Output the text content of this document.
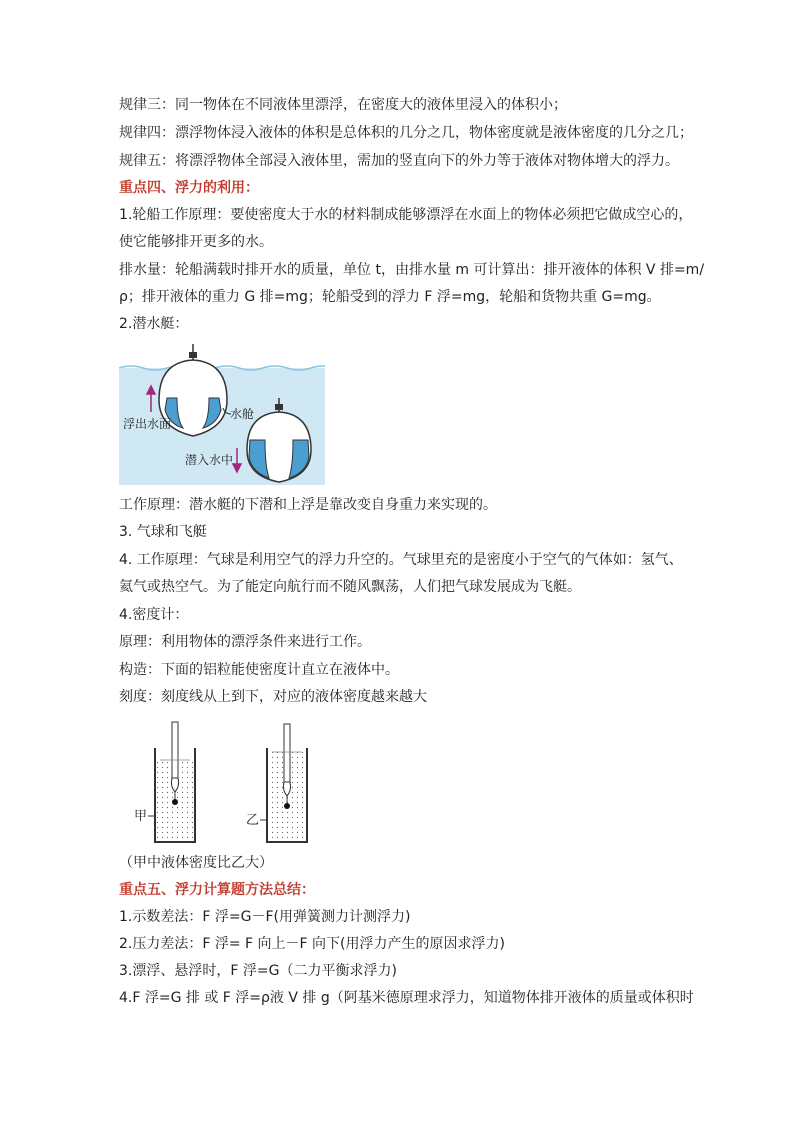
规律三：同一物体在不同液体里漂浮，在密度大的液体里浸入的体积小；
规律四：漂浮物体浸入液体的体积是总体积的几分之几，物体密度就是液体密度的几分之几；
规律五：将漂浮物体全部浸入液体里，需加的竖直向下的外力等于液体对物体增大的浮力。
重点四、浮力的利用：
1.轮船工作原理：要使密度大于水的材料制成能够漂浮在水面上的物体必须把它做成空心的，
使它能够排开更多的水。
排水量：轮船满载时排开水的质量，单位 t，由排水量 m 可计算出：排开液体的体积 V 排=m/
ρ；排开液体的重力 G 排=mg；轮船受到的浮力 F 浮=mg，轮船和货物共重 G=mg。
2.潜水艇：
水舱
浮出水面
潜入水中
工作原理：潜水艇的下潜和上浮是靠改变自身重力来实现的。
3. 气球和飞艇
4. 工作原理：气球是利用空气的浮力升空的。气球里充的是密度小于空气的气体如：氢气、
氦气或热空气。为了能定向航行而不随风飘荡，人们把气球发展成为飞艇。
4.密度计：
原理：利用物体的漂浮条件来进行工作。
构造：下面的铝粒能使密度计直立在液体中。
刻度：刻度线从上到下，对应的液体密度越来越大
甲	乙
（甲中液体密度比乙大）
重点五、浮力计算题方法总结：
1.示数差法：F 浮=G－F(用弹簧测力计测浮力)
2.压力差法：F 浮= F 向上－F 向下(用浮力产生的原因求浮力)
3.漂浮、悬浮时，F 浮=G（二力平衡求浮力)
4.F 浮=G 排 或 F 浮=ρ液 V 排 g（阿基米德原理求浮力，知道物体排开液体的质量或体积时
